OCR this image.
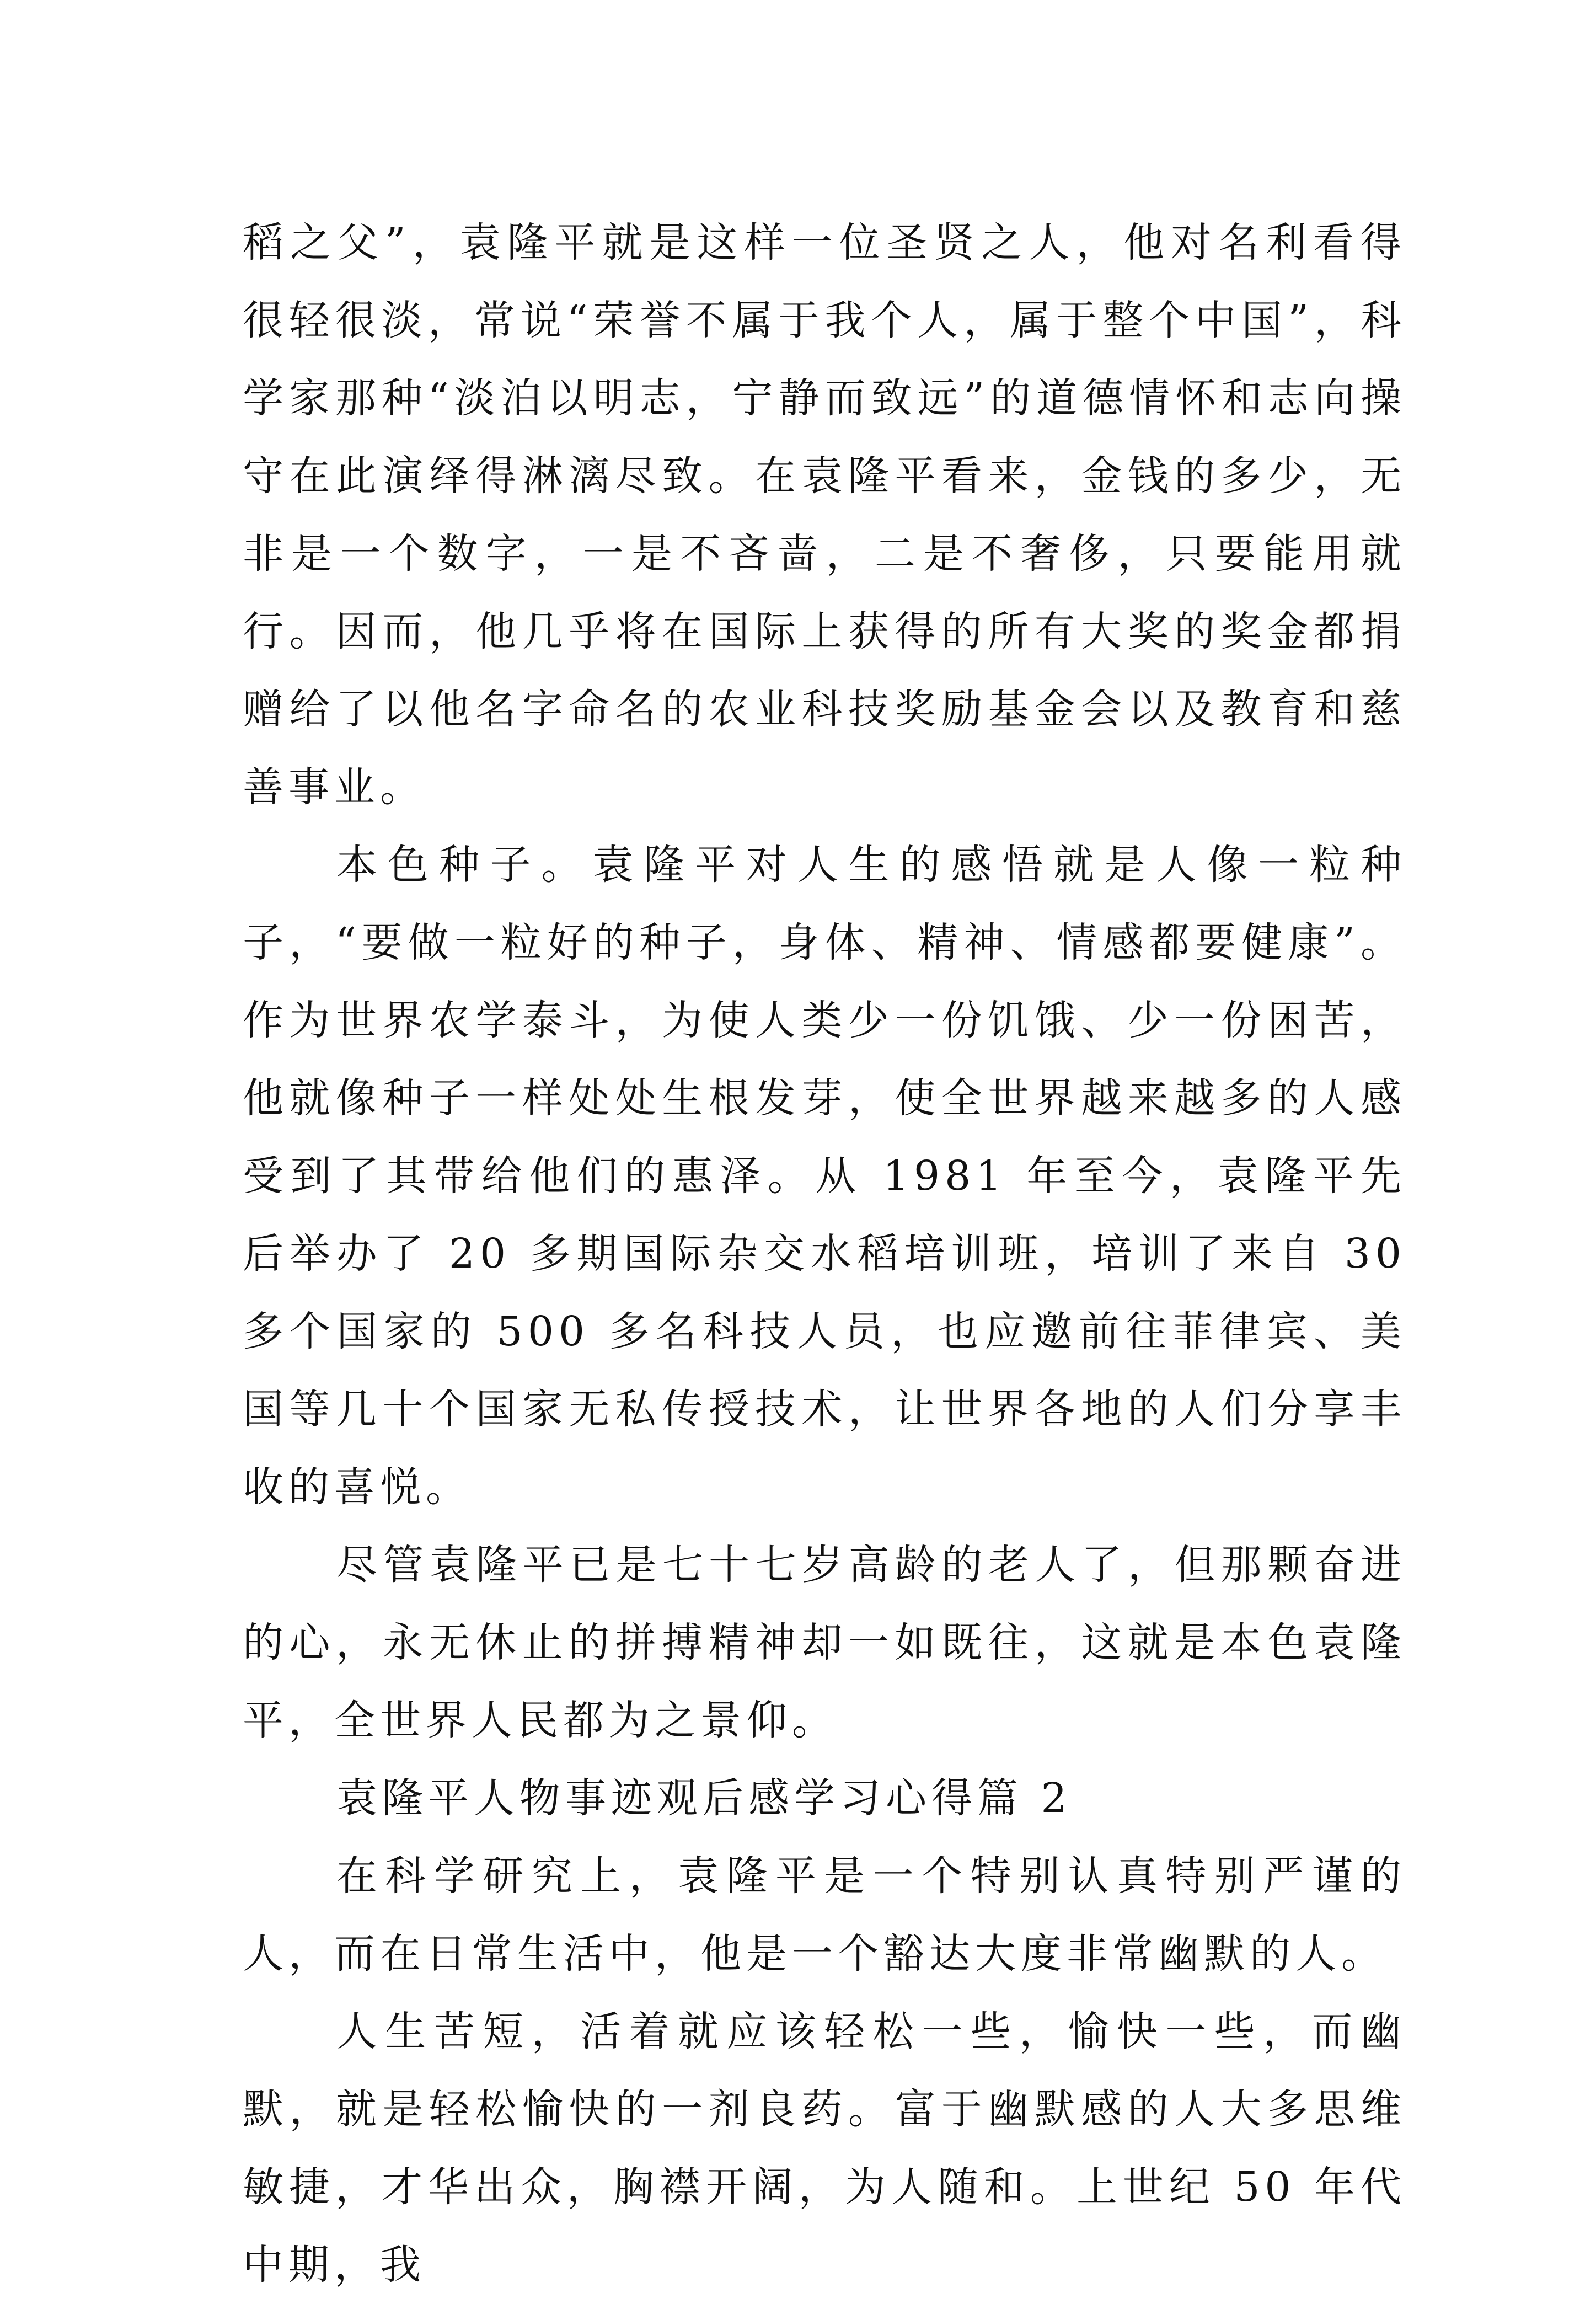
稻之父”，袁隆平就是这样一位圣贤之人，他对名利看得很轻很淡，常说“荣誉不属于我个人，属于整个中国”，科学家那种“淡泊以明志，宁静而致远”的道德情怀和志向操守在此演绎得淋漓尽致。在袁隆平看来，金钱的多少，无非是一个数字，一是不吝啬，二是不奢侈，只要能用就行。因而，他几乎将在国际上获得的所有大奖的奖金都捐赠给了以他名字命名的农业科技奖励基金会以及教育和慈善事业。

本色种子。袁隆平对人生的感悟就是人像一粒种子，“要做一粒好的种子，身体、精神、情感都要健康”。作为世界农学泰斗，为使人类少一份饥饿、少一份困苦，他就像种子一样处处生根发芽，使全世界越来越多的人感受到了其带给他们的惠泽。从 1981 年至今，袁隆平先后举办了 20 多期国际杂交水稻培训班，培训了来自 30 多个国家的 500 多名科技人员，也应邀前往菲律宾、美国等几十个国家无私传授技术，让世界各地的人们分享丰收的喜悦。

尽管袁隆平已是七十七岁高龄的老人了，但那颗奋进的心，永无休止的拼搏精神却一如既往，这就是本色袁隆平，全世界人民都为之景仰。

袁隆平人物事迹观后感学习心得篇 2

在科学研究上，袁隆平是一个特别认真特别严谨的人，而在日常生活中，他是一个豁达大度非常幽默的人。

人生苦短，活着就应该轻松一些，愉快一些，而幽默，就是轻松愉快的一剂良药。富于幽默感的人大多思维敏捷，才华出众，胸襟开阔，为人随和。上世纪 50 年代中期，我
